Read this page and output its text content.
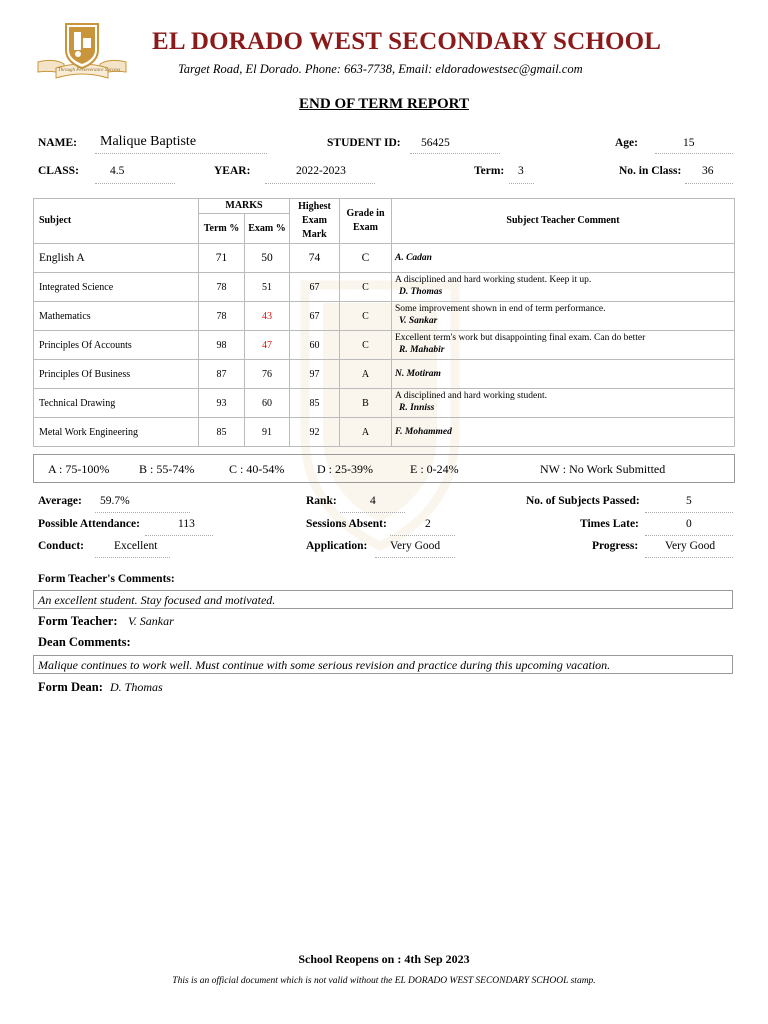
Through Perseverance Success
EL DORADO WEST SECONDARY SCHOOL
Target Road, El Dorado. Phone: 663-7738, Email: eldoradowestsec@gmail.com
END OF TERM REPORT
NAME: Malique Baptiste	STUDENT ID: 56425	Age:	15
CLASS:	4.5	YEAR:	2022-2023	Term: 3	No. in Class: 36
Subject	MARKS		Highest Exam Mark	Grade in Exam	Subject Teacher Comment
	Term %	Exam %			
English A	71	50	74	C	A. Cadan

Integrated Science	78	51	67	C	A disciplined and hard working student. Keep it up.
D. Thomas

Mathematics	78	43	67	C	Some improvement shown in end of term performance.
V. Sankar

Principles Of Accounts	98	47	60	C	Excellent term's work but disappointing final exam. Can do better
R. Mahabir

Principles Of Business	87	76	97	A	N. Motiram

Technical Drawing	93	60	85	B	A disciplined and hard working student.
R. Inniss

Metal Work Engineering	85	91	92	A	F. Mohammed
A : 75-100% B : 55-74%	C : 40-54%	D : 25-39%	E : 0-24%	NW : No Work Submitted
Average: 59.7%	Rank:	4	No. of Subjects Passed:	5
Possible Attendance:	113	Sessions Absent:	2	Times Late:	0
Conduct:	Excellent	Application: Very Good	Progress: Very Good
Form Teacher's Comments:
An excellent student. Stay focused and motivated.
Form Teacher: V. Sankar
Dean Comments:
Malique continues to work well. Must continue with some serious revision and practice during this upcoming vacation.
Form Dean: D. Thomas
School Reopens on : 4th Sep 2023
This is an official document which is not valid without the EL DORADO WEST SECONDARY SCHOOL stamp.
